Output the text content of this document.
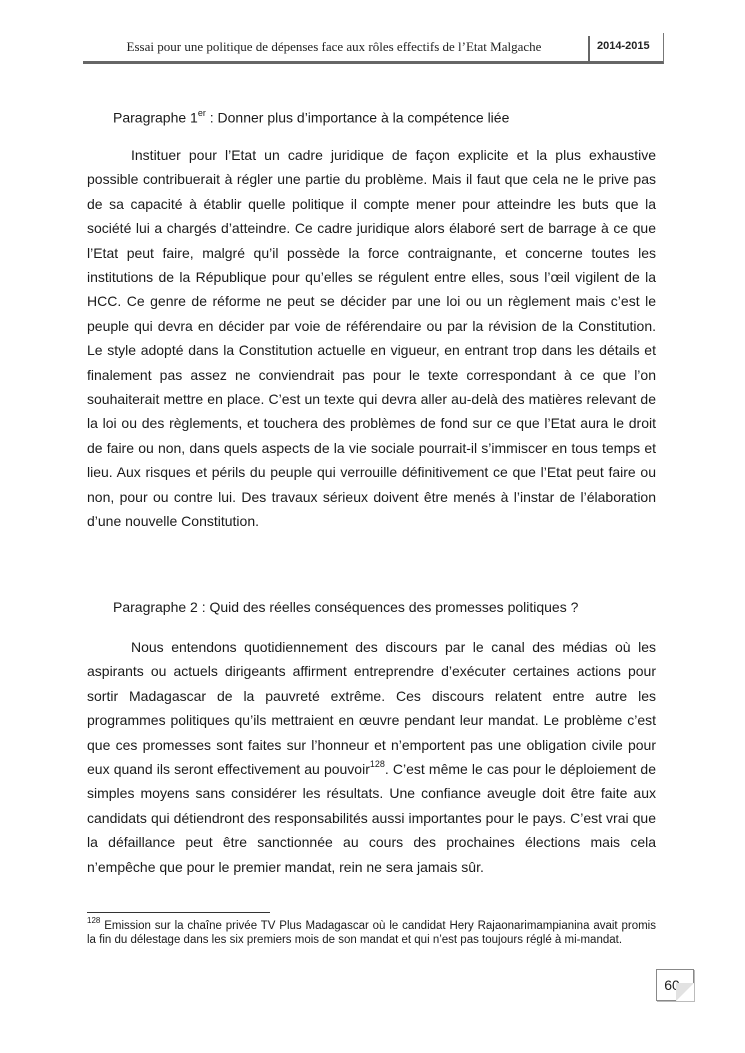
Essai pour une politique de dépenses face aux rôles effectifs de l’Etat Malgache	2014-2015
Paragraphe 1er : Donner plus d’importance à la compétence liée

Instituer pour l’Etat un cadre juridique de façon explicite et la plus exhaustive possible contribuerait à régler une partie du problème. Mais il faut que cela ne le prive pas de sa capacité à établir quelle politique il compte mener pour atteindre les buts que la société lui a chargés d’atteindre. Ce cadre juridique alors élaboré sert de barrage à ce que l’Etat peut faire, malgré qu’il possède la force contraignante, et concerne toutes les institutions de la République pour qu’elles se régulent entre elles, sous l’œil vigilent de la HCC. Ce genre de réforme ne peut se décider par une loi ou un règlement mais c’est le peuple qui devra en décider par voie de référendaire ou par la révision de la Constitution. Le style adopté dans la Constitution actuelle en vigueur, en entrant trop dans les détails et finalement pas assez ne conviendrait pas pour le texte correspondant à ce que l’on souhaiterait mettre en place. C’est un texte qui devra aller au-delà des matières relevant de la loi ou des règlements, et touchera des problèmes de fond sur ce que l’Etat aura le droit de faire ou non, dans quels aspects de la vie sociale pourrait-il s’immiscer en tous temps et lieu. Aux risques et périls du peuple qui verrouille définitivement ce que l’Etat peut faire ou non, pour ou contre lui. Des travaux sérieux doivent être menés à l’instar de l’élaboration d’une nouvelle Constitution.

Paragraphe 2 : Quid des réelles conséquences des promesses politiques ?

Nous entendons quotidiennement des discours par le canal des médias où les aspirants ou actuels dirigeants affirment entreprendre d’exécuter certaines actions pour sortir Madagascar de la pauvreté extrême. Ces discours relatent entre autre les programmes politiques qu’ils mettraient en œuvre pendant leur mandat. Le problème c’est que ces promesses sont faites sur l’honneur et n’emportent pas une obligation civile pour eux quand ils seront effectivement au pouvoir$^{128}$. C’est même le cas pour le déploiement de simples moyens sans considérer les résultats. Une confiance aveugle doit être faite aux candidats qui détiendront des responsabilités aussi importantes pour le pays. C’est vrai que la défaillance peut être sanctionnée au cours des prochaines élections mais cela n’empêche que pour le premier mandat, rein ne sera jamais sûr.

$^{128}$ Emission sur la chaîne privée TV Plus Madagascar où le candidat Hery Rajaonarimampianina avait promis la fin du délestage dans les six premiers mois de son mandat et qui n’est pas toujours réglé à mi-mandat.

60
